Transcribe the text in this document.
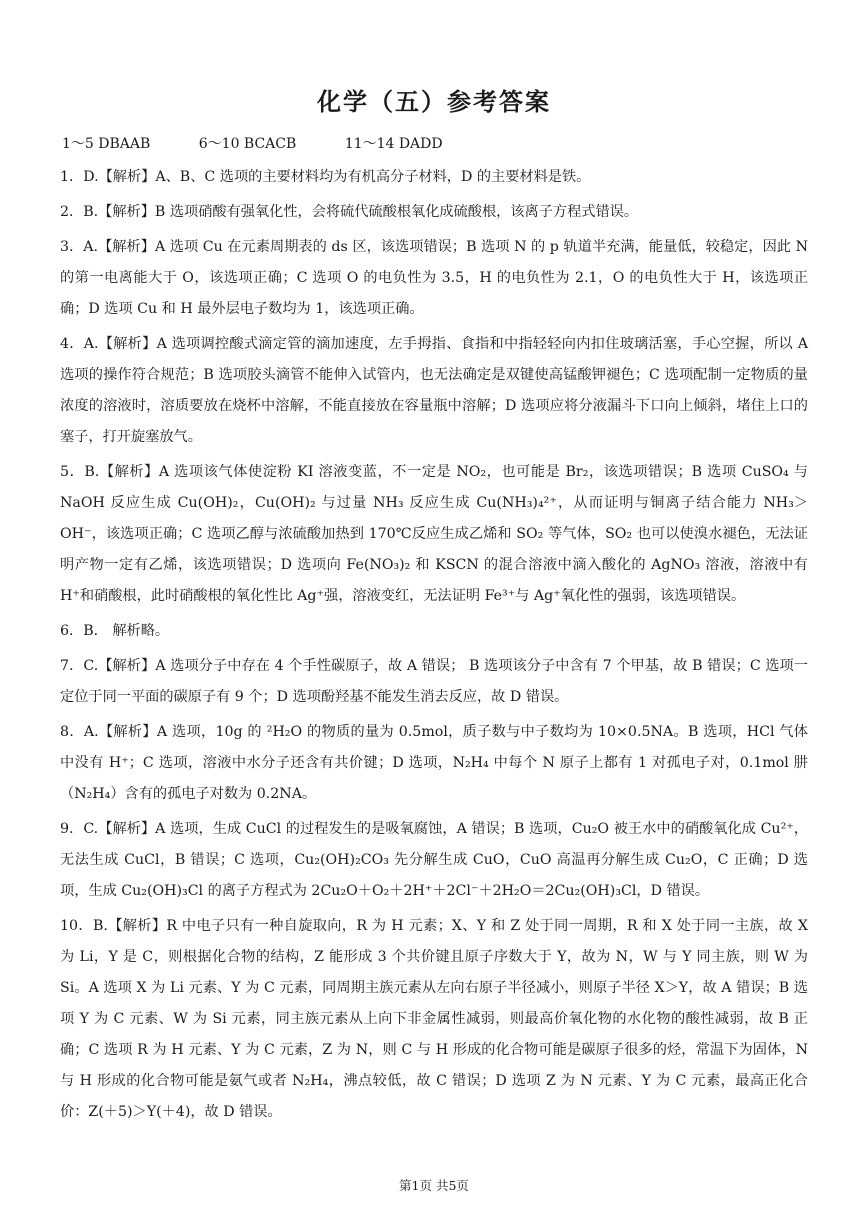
化学（五）参考答案
1～5 DBAAB	6～10 BCACB	11～14 DADD
1．D.【解析】A、B、C 选项的主要材料均为有机高分子材料，D 的主要材料是铁。
2．B.【解析】B 选项硝酸有强氧化性，会将硫代硫酸根氧化成硫酸根，该离子方程式错误。
3．A.【解析】A 选项 Cu 在元素周期表的 ds 区，该选项错误；B 选项 N 的 p 轨道半充满，能量低，较稳定，因此 N 的第一电离能大于 O，该选项正确；C 选项 O 的电负性为 3.5，H 的电负性为 2.1，O 的电负性大于 H，该选项正确；D 选项 Cu 和 H 最外层电子数均为 1，该选项正确。
4．A.【解析】A 选项调控酸式滴定管的滴加速度，左手拇指、食指和中指轻轻向内扣住玻璃活塞，手心空握，所以 A 选项的操作符合规范；B 选项胶头滴管不能伸入试管内，也无法确定是双键使高锰酸钾褪色；C 选项配制一定物质的量浓度的溶液时，溶质要放在烧杯中溶解，不能直接放在容量瓶中溶解；D 选项应将分液漏斗下口向上倾斜，堵住上口的塞子，打开旋塞放气。
5．B.【解析】A 选项该气体使淀粉 KI 溶液变蓝，不一定是 NO₂，也可能是 Br₂，该选项错误；B 选项 CuSO₄ 与 NaOH 反应生成 Cu(OH)₂，Cu(OH)₂ 与过量 NH₃ 反应生成 Cu(NH₃)₄²⁺，从而证明与铜离子结合能力 NH₃＞OH⁻，该选项正确；C 选项乙醇与浓硫酸加热到 170℃反应生成乙烯和 SO₂ 等气体，SO₂ 也可以使溴水褪色，无法证明产物一定有乙烯，该选项错误；D 选项向 Fe(NO₃)₂ 和 KSCN 的混合溶液中滴入酸化的 AgNO₃ 溶液，溶液中有 H⁺和硝酸根，此时硝酸根的氧化性比 Ag⁺强，溶液变红，无法证明 Fe³⁺与 Ag⁺氧化性的强弱，该选项错误。
6．B． 解析略。
7．C.【解析】A 选项分子中存在 4 个手性碳原子，故 A 错误； B 选项该分子中含有 7 个甲基，故 B 错误；C 选项一定位于同一平面的碳原子有 9 个；D 选项酚羟基不能发生消去反应，故 D 错误。
8．A.【解析】A 选项，10g 的 ²H₂O 的物质的量为 0.5mol，质子数与中子数均为 10×0.5NA。B 选项，HCl 气体中没有 H⁺；C 选项，溶液中水分子还含有共价键；D 选项，N₂H₄ 中每个 N 原子上都有 1 对孤电子对，0.1mol 肼（N₂H₄）含有的孤电子对数为 0.2NA。
9．C.【解析】A 选项，生成 CuCl 的过程发生的是吸氧腐蚀，A 错误；B 选项，Cu₂O 被王水中的硝酸氧化成 Cu²⁺，无法生成 CuCl，B 错误；C 选项，Cu₂(OH)₂CO₃ 先分解生成 CuO，CuO 高温再分解生成 Cu₂O，C 正确；D 选项，生成 Cu₂(OH)₃Cl 的离子方程式为 2Cu₂O＋O₂＋2H⁺＋2Cl⁻＋2H₂O＝2Cu₂(OH)₃Cl，D 错误。
10．B.【解析】R 中电子只有一种自旋取向，R 为 H 元素；X、Y 和 Z 处于同一周期，R 和 X 处于同一主族，故 X 为 Li，Y 是 C，则根据化合物的结构，Z 能形成 3 个共价键且原子序数大于 Y，故为 N，W 与 Y 同主族，则 W 为 Si。A 选项 X 为 Li 元素、Y 为 C 元素，同周期主族元素从左向右原子半径减小，则原子半径 X＞Y，故 A 错误；B 选项 Y 为 C 元素、W 为 Si 元素，同主族元素从上向下非金属性减弱，则最高价氧化物的水化物的酸性减弱，故 B 正确；C 选项 R 为 H 元素、Y 为 C 元素，Z 为 N，则 C 与 H 形成的化合物可能是碳原子很多的烃，常温下为固体，N 与 H 形成的化合物可能是氨气或者 N₂H₄，沸点较低，故 C 错误；D 选项 Z 为 N 元素、Y 为 C 元素，最高正化合价：Z(＋5)＞Y(＋4)，故 D 错误。
第1页 共5页
